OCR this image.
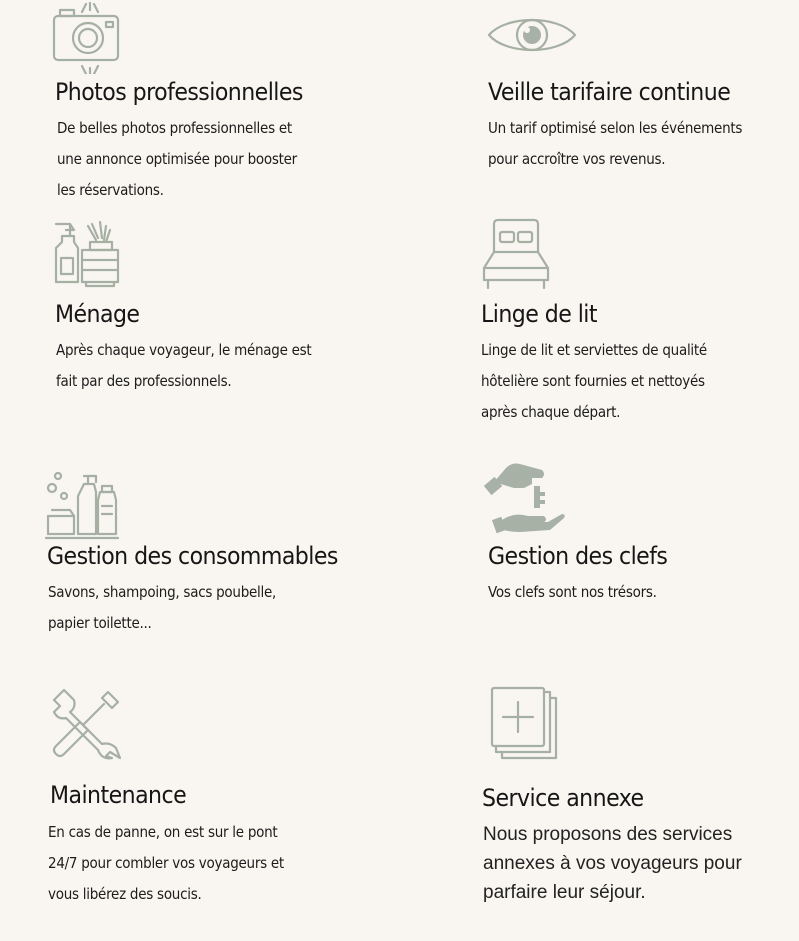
Photos professionnelles
De belles photos professionnelles et
une annonce optimisée pour booster
les réservations.
Veille tarifaire continue
Un tarif optimisé selon les événements
pour accroître vos revenus.
Ménage
Après chaque voyageur, le ménage est
fait par des professionnels.
Linge de lit
Linge de lit et serviettes de qualité
hôtelière sont fournies et nettoyés
après chaque départ.
Gestion des consommables
Savons, shampoing, sacs poubelle,
papier toilette...
Gestion des clefs
Vos clefs sont nos trésors.
Maintenance
En cas de panne, on est sur le pont
24/7 pour combler vos voyageurs et
vous libérez des soucis.
Service annexe
Nous proposons des services
annexes à vos voyageurs pour
parfaire leur séjour.
